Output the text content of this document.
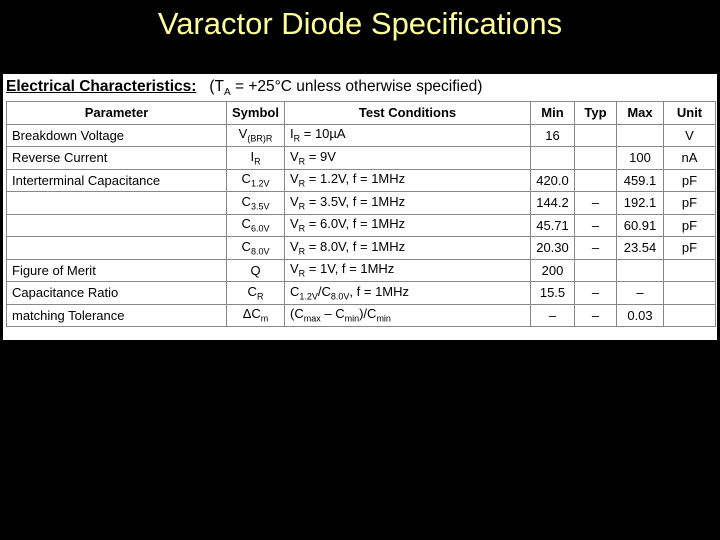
Varactor Diode Specifications
Electrical Characteristics: ($T_A = +25^\circ C$ unless otherwise specified)
Parameter	Symbol	Test Conditions	Min	Typ	Max	Unit
Breakdown Voltage	$V_{(BR)R}$	$I_R = 10\mu A$	16			V
Reverse Current	$I_R$	$V_R = 9V$			100	nA
Interterminal Capacitance	$C_{1.2V}$	$V_R = 1.2V$, f = 1MHz	420.0		459.1	pF
	$C_{3.5V}$	$V_R = 3.5V$, f = 1MHz	144.2	–	192.1	pF
	$C_{6.0V}$	$V_R = 6.0V$, f = 1MHz	45.71	–	60.91	pF
	$C_{8.0V}$	$V_R = 8.0V$, f = 1MHz	20.30	–	23.54	pF
Figure of Merit	Q	$V_R = 1V$, f = 1MHz	200			
Capacitance Ratio	$C_R$	$C_{1.2V}/C_{8.0V}$, f = 1MHz	15.5	–	–	
matching Tolerance	$\Delta C_m$	$(C_{max} - C_{min})/C_{min}$	–	–	0.03	
